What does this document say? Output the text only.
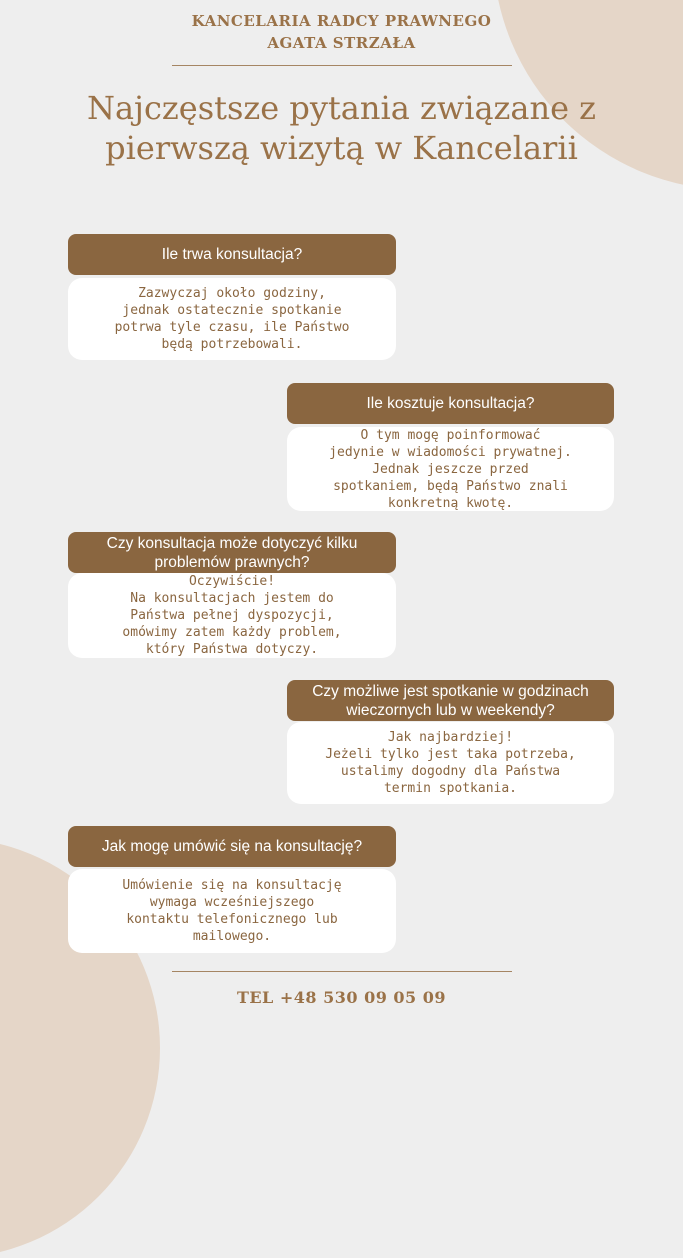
KANCELARIA RADCY PRAWNEGO
AGATA STRZAŁA
Najczęstsze pytania związane z pierwszą wizytą w Kancelarii
Ile trwa konsultacja?
Zazwyczaj około godziny,
jednak ostatecznie spotkanie
potrwa tyle czasu, ile Państwo
będą potrzebowali.
Ile kosztuje konsultacja?
O tym mogę poinformować
jedynie w wiadomości prywatnej.
Jednak jeszcze przed
spotkaniem, będą Państwo znali
konkretną kwotę.
Czy konsultacja może dotyczyć kilku problemów prawnych?
Oczywiście!
Na konsultacjach jestem do
Państwa pełnej dyspozycji,
omówimy zatem każdy problem,
który Państwa dotyczy.
Czy możliwe jest spotkanie w godzinach wieczornych lub w weekendy?
Jak najbardziej!
Jeżeli tylko jest taka potrzeba,
ustalimy dogodny dla Państwa
termin spotkania.
Jak mogę umówić się na konsultację?
Umówienie się na konsultację
wymaga wcześniejszego
kontaktu telefonicznego lub
mailowego.
TEL +48 530 09 05 09
